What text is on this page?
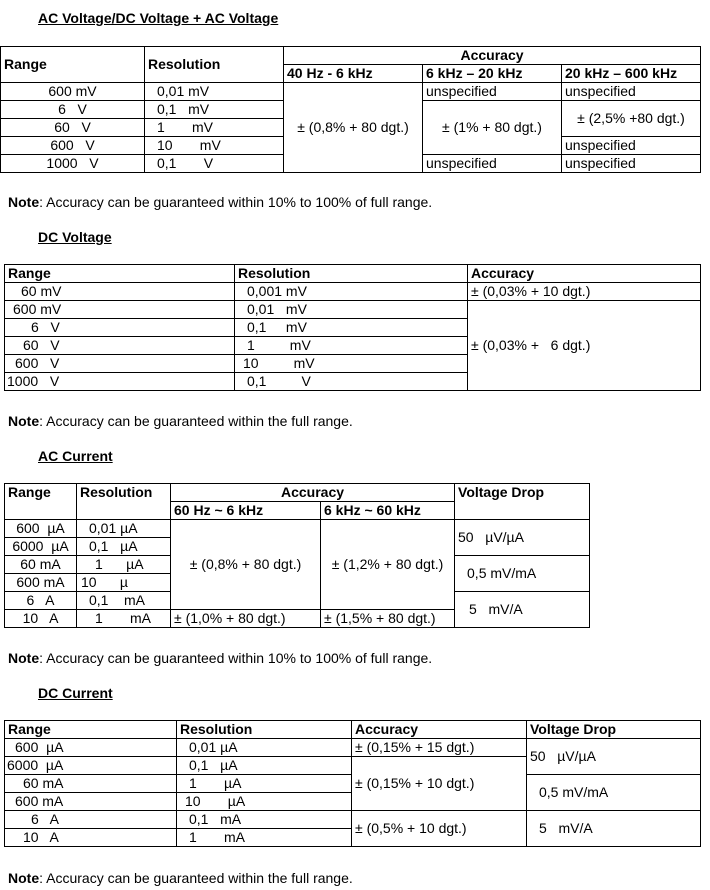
AC Voltage/DC Voltage + AC Voltage
Range	Resolution	Accuracy		
		40 Hz - 6 kHz	6 kHz – 20 kHz	20 kHz – 600 kHz
600 mV	0,01 mV	± (0,8% + 80 dgt.)	unspecified	unspecified
6   V	0,1   mV		± (1% + 80 dgt.)	± (2,5% +80 dgt.)
60   V	1       mV			
600   V	10       mV			unspecified
1000   V	0,1       V		unspecified	unspecified
Note: Accuracy can be guaranteed within 10% to 100% of full range.
DC Voltage
Range	Resolution	Accuracy
60 mV	0,001 mV	± (0,03% + 10 dgt.)
600 mV	0,01   mV	± (0,03% +   6 dgt.)
6   V	0,1     mV	
60   V	1         mV	
600   V	10         mV	
1000   V	0,1         V	
Note: Accuracy can be guaranteed within the full range.
AC Current
Range	Resolution	Accuracy		Voltage Drop
		60 Hz ~ 6 kHz	6 kHz ~ 60 kHz	
600  µA	0,01 µA	± (0,8% + 80 dgt.)	± (1,2% + 80 dgt.)	50   µV/µA
6000  µA	0,1   µA			
60 mA	1      µA			0,5 mV/mA
600 mA	10      µ			
6   A	0,1    mA			5   mV/A
10   A	1       mA	± (1,0% + 80 dgt.)	± (1,5% + 80 dgt.)	
Note: Accuracy can be guaranteed within 10% to 100% of full range.
DC Current
Range	Resolution	Accuracy	Voltage Drop
600  µA	0,01 µA	± (0,15% + 15 dgt.)	50   µV/µA
6000  µA	0,1   µA	± (0,15% + 10 dgt.)	
60 mA	1       µA		0,5 mV/mA
600 mA	10       µA		
6   A	0,1   mA	± (0,5% + 10 dgt.)	5   mV/A
10   A	1       mA		
Note: Accuracy can be guaranteed within the full range.
